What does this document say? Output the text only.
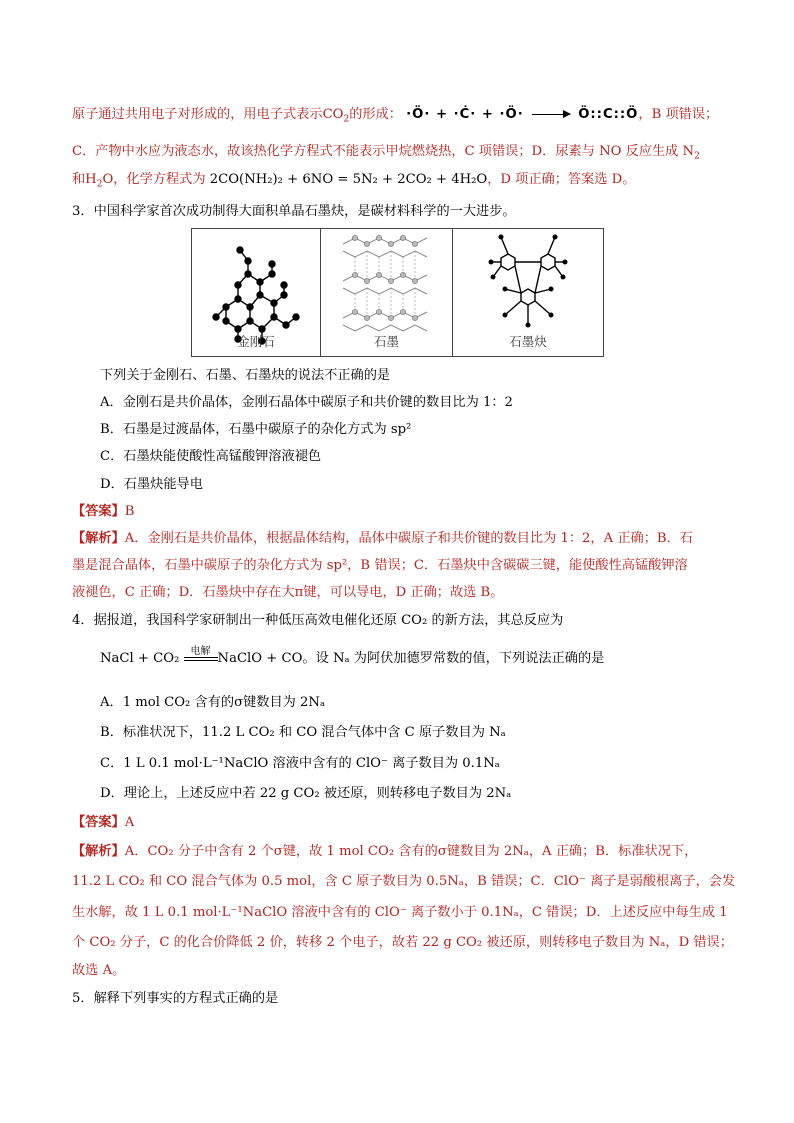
原子通过共用电子对形成的，用电子式表示$CO_2$的形成： ·Ö· + ·Ċ· + ·Ö· → Ö::C::Ö，B 项错误；
C．产物中水应为液态水，故该热化学方程式不能表示甲烷燃烧热，C 项错误；D．尿素与 NO 反应生成 $N_2$
和$H_2O$，化学方程式为 2CO(NH₂)₂ + 6NO = 5N₂ + 2CO₂ + 4H₂O，D 项正确；答案选 D。
3．中国科学家首次成功制得大面积单晶石墨炔，是碳材料科学的一大进步。
金刚石	石墨	石墨炔
下列关于金刚石、石墨、石墨炔的说法不正确的是
A．金刚石是共价晶体，金刚石晶体中碳原子和共价键的数目比为 1：2
B．石墨是过渡晶体，石墨中碳原子的杂化方式为 sp²
C．石墨炔能使酸性高锰酸钾溶液褪色
D．石墨炔能导电
【答案】B
【解析】A．金刚石是共价晶体，根据晶体结构，晶体中碳原子和共价键的数目比为 1：2，A 正确；B．石
墨是混合晶体，石墨中碳原子的杂化方式为 sp²，B 错误；C．石墨炔中含碳碳三键，能使酸性高锰酸钾溶
液褪色，C 正确；D．石墨炔中存在大π键，可以导电，D 正确；故选 B。
4．据报道，我国科学家研制出一种低压高效电催化还原 CO₂ 的新方法，其总反应为
NaCl + CO₂	电解 NaClO + CO。设 Nₐ 为阿伏加德罗常数的值，下列说法正确的是
A．1 mol CO₂ 含有的σ键数目为 2Nₐ
B．标准状况下，11.2 L CO₂ 和 CO 混合气体中含 C 原子数目为 Nₐ
C．1 L 0.1 mol·L⁻¹NaClO 溶液中含有的 ClO⁻ 离子数目为 0.1Nₐ
D．理论上，上述反应中若 22 g CO₂ 被还原，则转移电子数目为 2Nₐ
【答案】A
【解析】A．CO₂ 分子中含有 2 个σ键，故 1 mol CO₂ 含有的σ键数目为 2Nₐ，A 正确；B．标准状况下，
11.2 L CO₂ 和 CO 混合气体为 0.5 mol，含 C 原子数目为 0.5Nₐ，B 错误；C．ClO⁻ 离子是弱酸根离子，会发
生水解，故 1 L 0.1 mol·L⁻¹NaClO 溶液中含有的 ClO⁻ 离子数小于 0.1Nₐ，C 错误；D．上述反应中每生成 1
个 CO₂ 分子，C 的化合价降低 2 价，转移 2 个电子，故若 22 g CO₂ 被还原，则转移电子数目为 Nₐ，D 错误；
故选 A。
5．解释下列事实的方程式正确的是
